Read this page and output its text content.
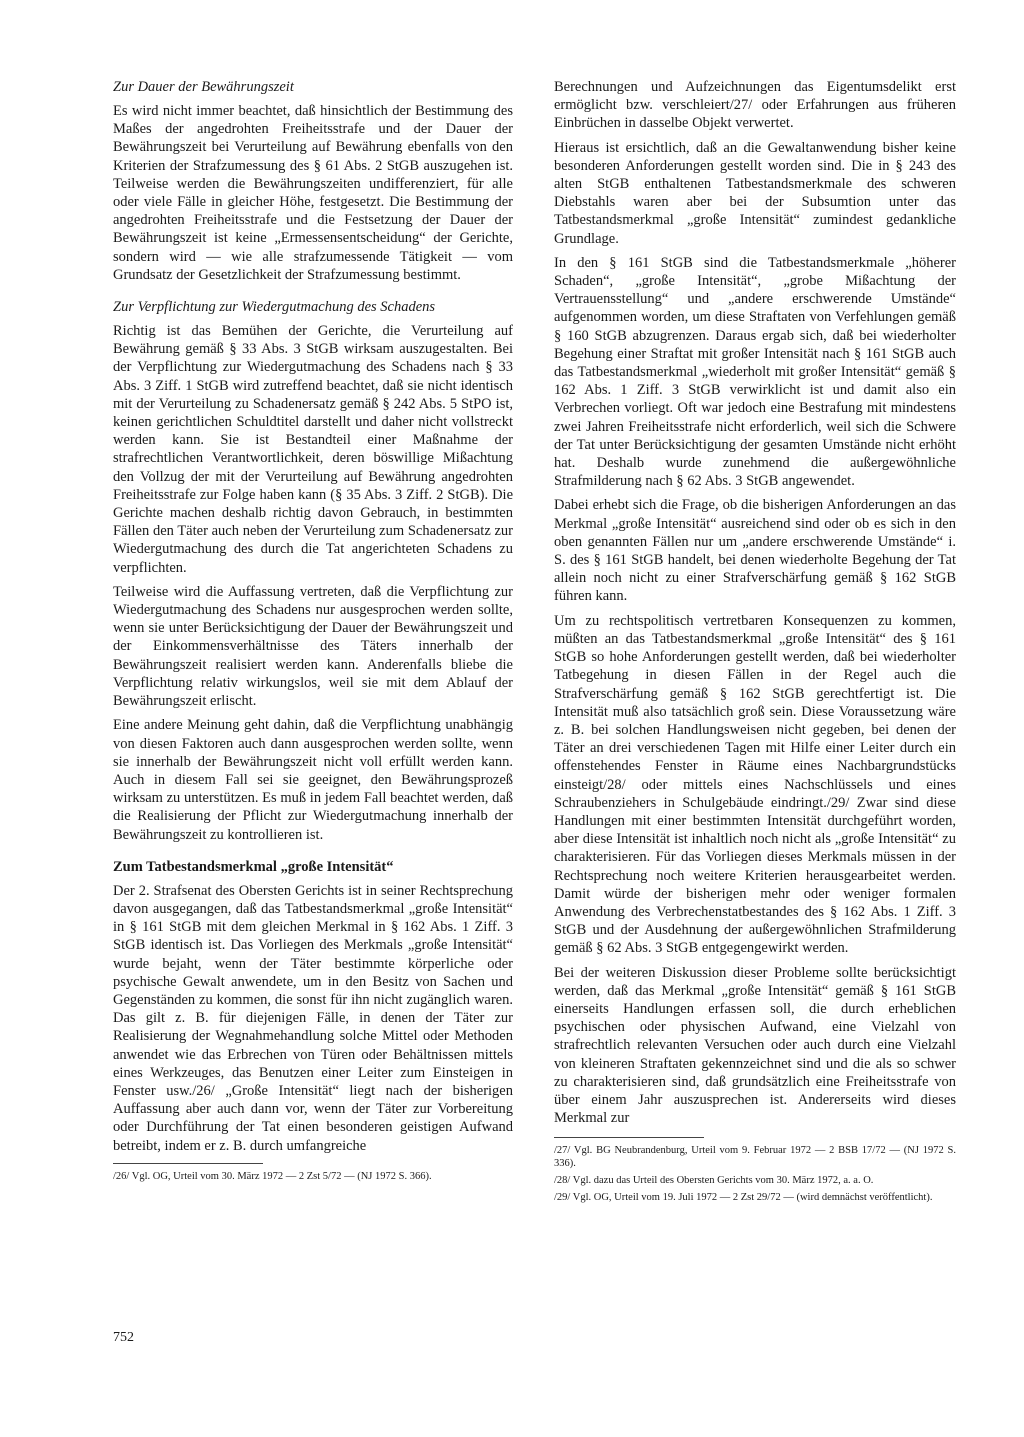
Zur Dauer der Bewährungszeit

Es wird nicht immer beachtet, daß hinsichtlich der Bestimmung des Maßes der angedrohten Freiheitsstrafe und der Dauer der Bewährungszeit bei Verurteilung auf Bewährung ebenfalls von den Kriterien der Strafzumessung des § 61 Abs. 2 StGB auszugehen ist. Teilweise werden die Bewährungszeiten undifferenziert, für alle oder viele Fälle in gleicher Höhe, festgesetzt. Die Bestimmung der angedrohten Freiheitsstrafe und die Festsetzung der Dauer der Bewährungszeit ist keine „Ermessensentscheidung“ der Gerichte, sondern wird — wie alle strafzumessende Tätigkeit — vom Grundsatz der Gesetzlichkeit der Strafzumessung bestimmt.

Zur Verpflichtung zur Wiedergutmachung des Schadens

Richtig ist das Bemühen der Gerichte, die Verurteilung auf Bewährung gemäß § 33 Abs. 3 StGB wirksam auszugestalten. Bei der Verpflichtung zur Wiedergutmachung des Schadens nach § 33 Abs. 3 Ziff. 1 StGB wird zutreffend beachtet, daß sie nicht identisch mit der Verurteilung zu Schadenersatz gemäß § 242 Abs. 5 StPO ist, keinen gerichtlichen Schuldtitel darstellt und daher nicht vollstreckt werden kann. Sie ist Bestandteil einer Maßnahme der strafrechtlichen Verantwortlichkeit, deren böswillige Mißachtung den Vollzug der mit der Verurteilung auf Bewährung angedrohten Freiheitsstrafe zur Folge haben kann (§ 35 Abs. 3 Ziff. 2 StGB). Die Gerichte machen deshalb richtig davon Gebrauch, in bestimmten Fällen den Täter auch neben der Verurteilung zum Schadenersatz zur Wiedergutmachung des durch die Tat angerichteten Schadens zu verpflichten.

Teilweise wird die Auffassung vertreten, daß die Verpflichtung zur Wiedergutmachung des Schadens nur ausgesprochen werden sollte, wenn sie unter Berücksichtigung der Dauer der Bewährungszeit und der Einkommensverhältnisse des Täters innerhalb der Bewährungszeit realisiert werden kann. Anderenfalls bliebe die Verpflichtung relativ wirkungslos, weil sie mit dem Ablauf der Bewährungszeit erlischt.

Eine andere Meinung geht dahin, daß die Verpflichtung unabhängig von diesen Faktoren auch dann ausgesprochen werden sollte, wenn sie innerhalb der Bewährungszeit nicht voll erfüllt werden kann. Auch in diesem Fall sei sie geeignet, den Bewährungsprozeß wirksam zu unterstützen. Es muß in jedem Fall beachtet werden, daß die Realisierung der Pflicht zur Wiedergutmachung innerhalb der Bewährungszeit zu kontrollieren ist.

Zum Tatbestandsmerkmal „große Intensität“

Der 2. Strafsenat des Obersten Gerichts ist in seiner Rechtsprechung davon ausgegangen, daß das Tatbestandsmerkmal „große Intensität“ in § 161 StGB mit dem gleichen Merkmal in § 162 Abs. 1 Ziff. 3 StGB identisch ist. Das Vorliegen des Merkmals „große Intensität“ wurde bejaht, wenn der Täter bestimmte körperliche oder psychische Gewalt anwendete, um in den Besitz von Sachen und Gegenständen zu kommen, die sonst für ihn nicht zugänglich waren. Das gilt z. B. für diejenigen Fälle, in denen der Täter zur Realisierung der Wegnahmehandlung solche Mittel oder Methoden anwendet wie das Erbrechen von Türen oder Behältnissen mittels eines Werkzeuges, das Benutzen einer Leiter zum Einsteigen in Fenster usw./26/ „Große Intensität“ liegt nach der bisherigen Auffassung aber auch dann vor, wenn der Täter zur Vorbereitung oder Durchführung der Tat einen besonderen geistigen Aufwand betreibt, indem er z. B. durch umfangreiche

/26/ Vgl. OG, Urteil vom 30. März 1972 — 2 Zst 5/72 — (NJ 1972 S. 366).

Berechnungen und Aufzeichnungen das Eigentumsdelikt erst ermöglicht bzw. verschleiert/27/ oder Erfahrungen aus früheren Einbrüchen in dasselbe Objekt verwertet.

Hieraus ist ersichtlich, daß an die Gewaltanwendung bisher keine besonderen Anforderungen gestellt worden sind. Die in § 243 des alten StGB enthaltenen Tatbestandsmerkmale des schweren Diebstahls waren aber bei der Subsumtion unter das Tatbestandsmerkmal „große Intensität“ zumindest gedankliche Grundlage.

In den § 161 StGB sind die Tatbestandsmerkmale „höherer Schaden“, „große Intensität“, „grobe Mißachtung der Vertrauensstellung“ und „andere erschwerende Umstände“ aufgenommen worden, um diese Straftaten von Verfehlungen gemäß § 160 StGB abzugrenzen. Daraus ergab sich, daß bei wiederholter Begehung einer Straftat mit großer Intensität nach § 161 StGB auch das Tatbestandsmerkmal „wiederholt mit großer Intensität“ gemäß § 162 Abs. 1 Ziff. 3 StGB verwirklicht ist und damit also ein Verbrechen vorliegt. Oft war jedoch eine Bestrafung mit mindestens zwei Jahren Freiheitsstrafe nicht erforderlich, weil sich die Schwere der Tat unter Berücksichtigung der gesamten Umstände nicht erhöht hat. Deshalb wurde zunehmend die außergewöhnliche Strafmilderung nach § 62 Abs. 3 StGB angewendet.

Dabei erhebt sich die Frage, ob die bisherigen Anforderungen an das Merkmal „große Intensität“ ausreichend sind oder ob es sich in den oben genannten Fällen nur um „andere erschwerende Umstände“ i. S. des § 161 StGB handelt, bei denen wiederholte Begehung der Tat allein noch nicht zu einer Strafverschärfung gemäß § 162 StGB führen kann.

Um zu rechtspolitisch vertretbaren Konsequenzen zu kommen, müßten an das Tatbestandsmerkmal „große Intensität“ des § 161 StGB so hohe Anforderungen gestellt werden, daß bei wiederholter Tatbegehung in diesen Fällen in der Regel auch die Strafverschärfung gemäß § 162 StGB gerechtfertigt ist. Die Intensität muß also tatsächlich groß sein. Diese Voraussetzung wäre z. B. bei solchen Handlungsweisen nicht gegeben, bei denen der Täter an drei verschiedenen Tagen mit Hilfe einer Leiter durch ein offenstehendes Fenster in Räume eines Nachbargrundstücks einsteigt/28/ oder mittels eines Nachschlüssels und eines Schraubenziehers in Schulgebäude eindringt./29/ Zwar sind diese Handlungen mit einer bestimmten Intensität durchgeführt worden, aber diese Intensität ist inhaltlich noch nicht als „große Intensität“ zu charakterisieren. Für das Vorliegen dieses Merkmals müssen in der Rechtsprechung noch weitere Kriterien herausgearbeitet werden. Damit würde der bisherigen mehr oder weniger formalen Anwendung des Verbrechenstatbestandes des § 162 Abs. 1 Ziff. 3 StGB und der Ausdehnung der außergewöhnlichen Strafmilderung gemäß § 62 Abs. 3 StGB entgegengewirkt werden.

Bei der weiteren Diskussion dieser Probleme sollte berücksichtigt werden, daß das Merkmal „große Intensität“ gemäß § 161 StGB einerseits Handlungen erfassen soll, die durch erheblichen psychischen oder physischen Aufwand, eine Vielzahl von strafrechtlich relevanten Versuchen oder auch durch eine Vielzahl von kleineren Straftaten gekennzeichnet sind und die als so schwer zu charakterisieren sind, daß grundsätzlich eine Freiheitsstrafe von über einem Jahr auszusprechen ist. Andererseits wird dieses Merkmal zur

/27/ Vgl. BG Neubrandenburg, Urteil vom 9. Februar 1972 — 2 BSB 17/72 — (NJ 1972 S. 336).

/28/ Vgl. dazu das Urteil des Obersten Gerichts vom 30. März 1972, a. a. O.

/29/ Vgl. OG, Urteil vom 19. Juli 1972 — 2 Zst 29/72 — (wird demnächst veröffentlicht).

752
